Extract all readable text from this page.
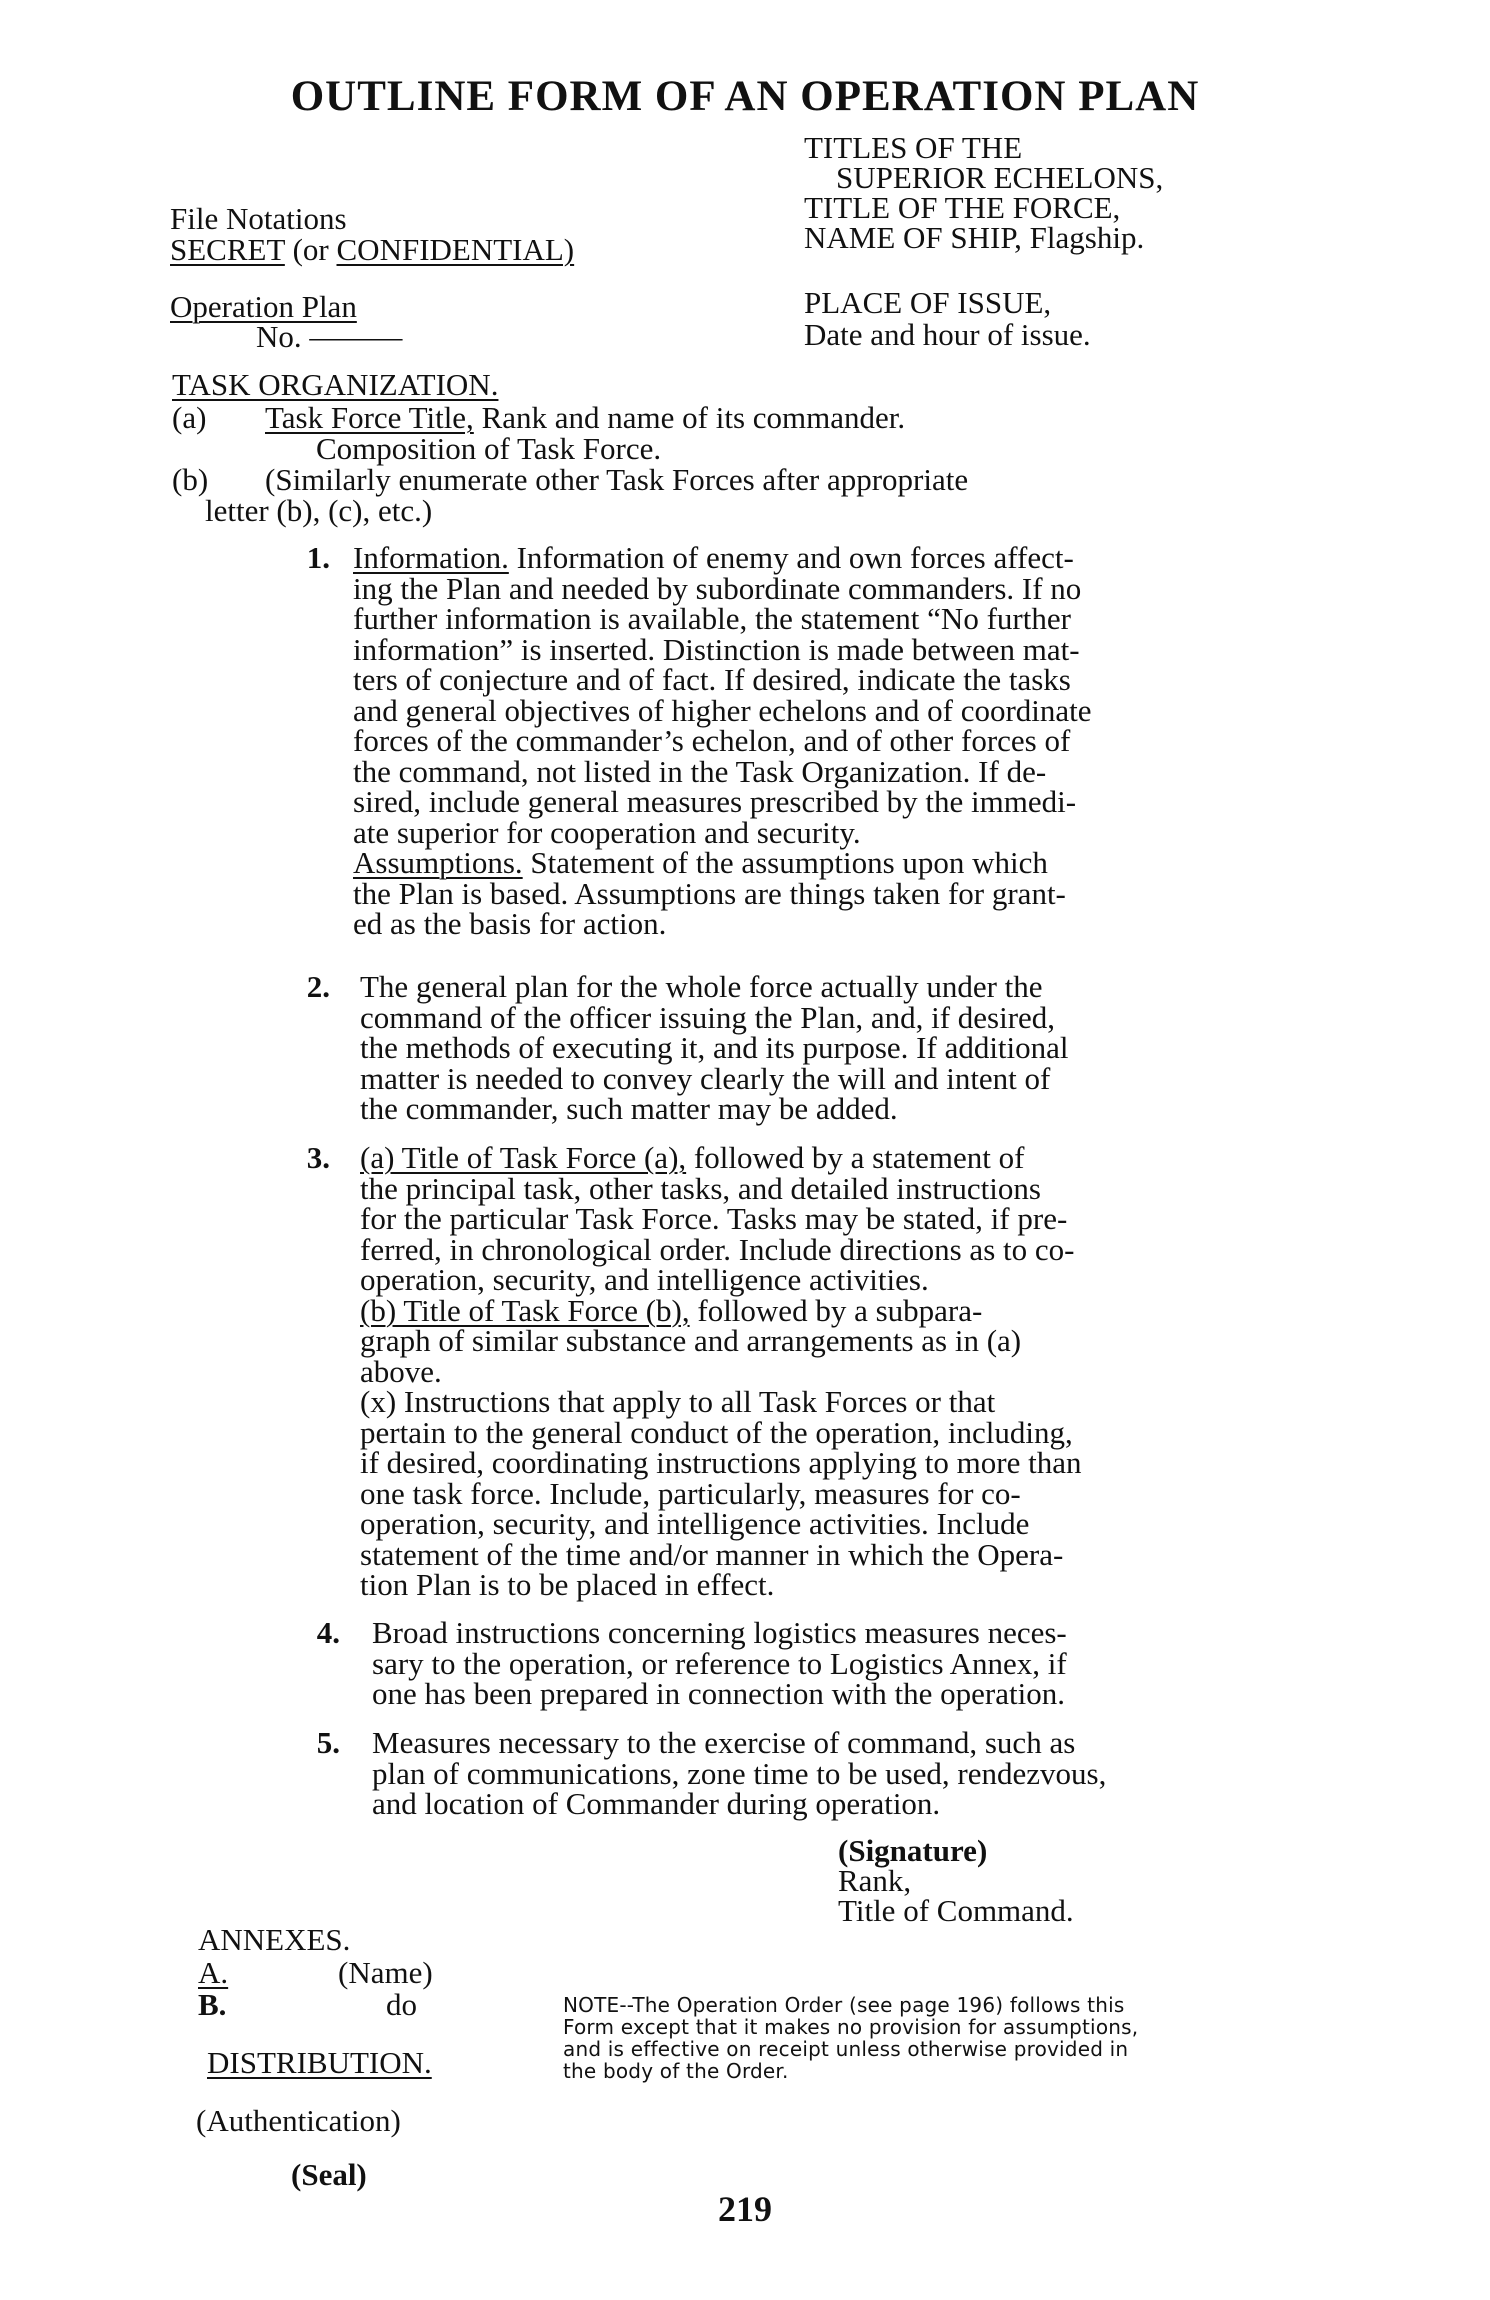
OUTLINE FORM OF AN OPERATION PLAN
TITLES OF THE
SUPERIOR ECHELONS,
TITLE OF THE FORCE,
NAME OF SHIP, Flagship.
PLACE OF ISSUE,
Date and hour of issue.
File Notations
SECRET (or CONFIDENTIAL)
Operation Plan
No. ———
TASK ORGANIZATION.
(a) Task Force Title, Rank and name of its commander.
Composition of Task Force.
(b) (Similarly enumerate other Task Forces after appropriate
letter (b), (c), etc.)
1. Information. Information of enemy and own forces affect-
ing the Plan and needed by subordinate commanders. If no
further information is available, the statement “No further
information” is inserted. Distinction is made between mat-
ters of conjecture and of fact. If desired, indicate the tasks
and general objectives of higher echelons and of coordinate
forces of the commander’s echelon, and of other forces of
the command, not listed in the Task Organization. If de-
sired, include general measures prescribed by the immedi-
ate superior for cooperation and security.
Assumptions. Statement of the assumptions upon which
the Plan is based. Assumptions are things taken for grant-
ed as the basis for action.
2. The general plan for the whole force actually under the
command of the officer issuing the Plan, and, if desired,
the methods of executing it, and its purpose. If additional
matter is needed to convey clearly the will and intent of
the commander, such matter may be added.
3. (a) Title of Task Force (a), followed by a statement of
the principal task, other tasks, and detailed instructions
for the particular Task Force. Tasks may be stated, if pre-
ferred, in chronological order. Include directions as to co-
operation, security, and intelligence activities.
(b) Title of Task Force (b), followed by a subpara-
graph of similar substance and arrangements as in (a)
above.
(x) Instructions that apply to all Task Forces or that
pertain to the general conduct of the operation, including,
if desired, coordinating instructions applying to more than
one task force. Include, particularly, measures for co-
operation, security, and intelligence activities. Include
statement of the time and/or manner in which the Opera-
tion Plan is to be placed in effect.
4. Broad instructions concerning logistics measures neces-
sary to the operation, or reference to Logistics Annex, if
one has been prepared in connection with the operation.
5. Measures necessary to the exercise of command, such as
plan of communications, zone time to be used, rendezvous,
and location of Commander during operation.
(Signature)
Rank,
Title of Command.
ANNEXES.
A.	(Name)
B.	do
DISTRIBUTION.
(Authentication)
(Seal)
NOTE--The Operation Order (see page 196) follows this
Form except that it makes no provision for assumptions,
and is effective on receipt unless otherwise provided in
the body of the Order.
219
